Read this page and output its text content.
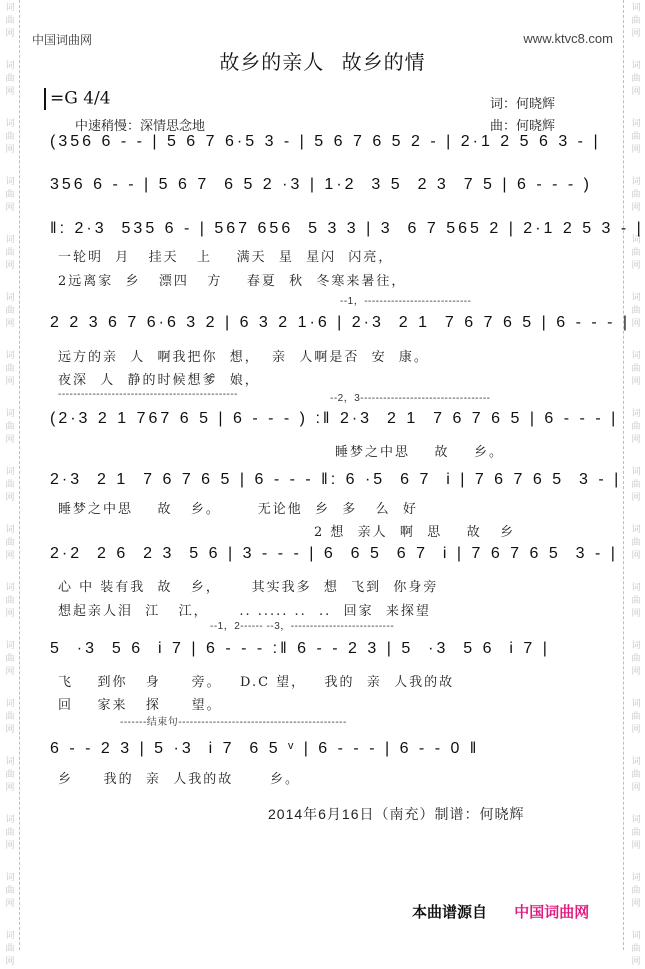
词
曲
网
词
曲
网
词
曲
网
词
曲
网
词
曲
网
词
曲
网
词
曲
网
词
曲
网
词
曲
网
词
曲
网
词
曲
网
词
曲
网
词
曲
网
词
曲
网
词
曲
网
词
曲
网
词
曲
网
词
曲
网
词
曲
网
词
曲
网
词
曲
网
词
曲
网
词
曲
网
词
曲
网
词
曲
网
词
曲
网
词
曲
网
词
曲
网
词
曲
网
词
曲
网
词
曲
网
词
曲
网
词
曲
网
词
曲
网
中国词曲网	www.ktvc8.com
故乡的亲人 故乡的情
=G 4/4
中速稍慢：深情思念地
词：何晓辉
曲：何晓辉
(356 6 - - | 5 6 7 6·5 3 - | 5 6 7 6 5 2 - | 2·1 2 5 6 3 - |
356 6 - - | 5 6 7  6 5 2 ·3 | 1·2  3 5  2 3  7 5 | 6 - - - )
‖: 2·3  535 6 - | 567 656  5 3 3 | 3  6 7 565 2 | 2·1 2 5 3 - |
2 2 3 6 7 6·6 3 2 | 6 3 2 1·6 | 2·3  2 1  7 6 7 6 5 | 6 - - - |
(2·3 2 1 767 6 5 | 6 - - - ) :‖ 2·3  2 1  7 6 7 6 5 | 6 - - - |
2·3  2 1  7 6 7 6 5 | 6 - - - ‖: 6 ·5  6 7  i | 7 6 7 6 5  3 - |
2·2  2 6  2 3  5 6 | 3 - - - | 6  6 5  6 7  i | 7 6 7 6 5  3 - |
5  ·3  5 6  i 7 | 6 - - - :‖ 6 - - 2 3 | 5  ·3  5 6  i 7 |
6 - - 2 3 | 5 ·3  i 7  6 5 ᵛ | 6 - - - | 6 - - 0 ‖
一轮明  月   挂天   上    满天  星  星闪  闪亮，
2远离家  乡   漂四   方    春夏  秋  冬寒来暑往，
远方的亲  人  啊我把你  想，  亲  人啊是否  安  康。
夜深  人  静的时候想爹  娘，
睡梦之中思    故    乡。
睡梦之中思    故   乡。      无论他  乡  多   么  好
2 想  亲人  啊  思    故   乡
心 中 装有我  故   乡，     其实我多  想  飞到  你身旁
想起亲人泪  江   江，     .. ..... ..  ..  回家  来探望
飞    到你   身     旁。   D.C 望，   我的  亲  人我的故
回    家来   探     望。
乡     我的  亲  人我的故      乡。
--1，----------------------------
-----------------------------------------------	--2，3----------------------------------
--1，2------ --3，---------------------------
-------结束句--------------------------------------------
2014年6月16日（南充）制谱：何晓辉
本曲谱源自 中国词曲网
